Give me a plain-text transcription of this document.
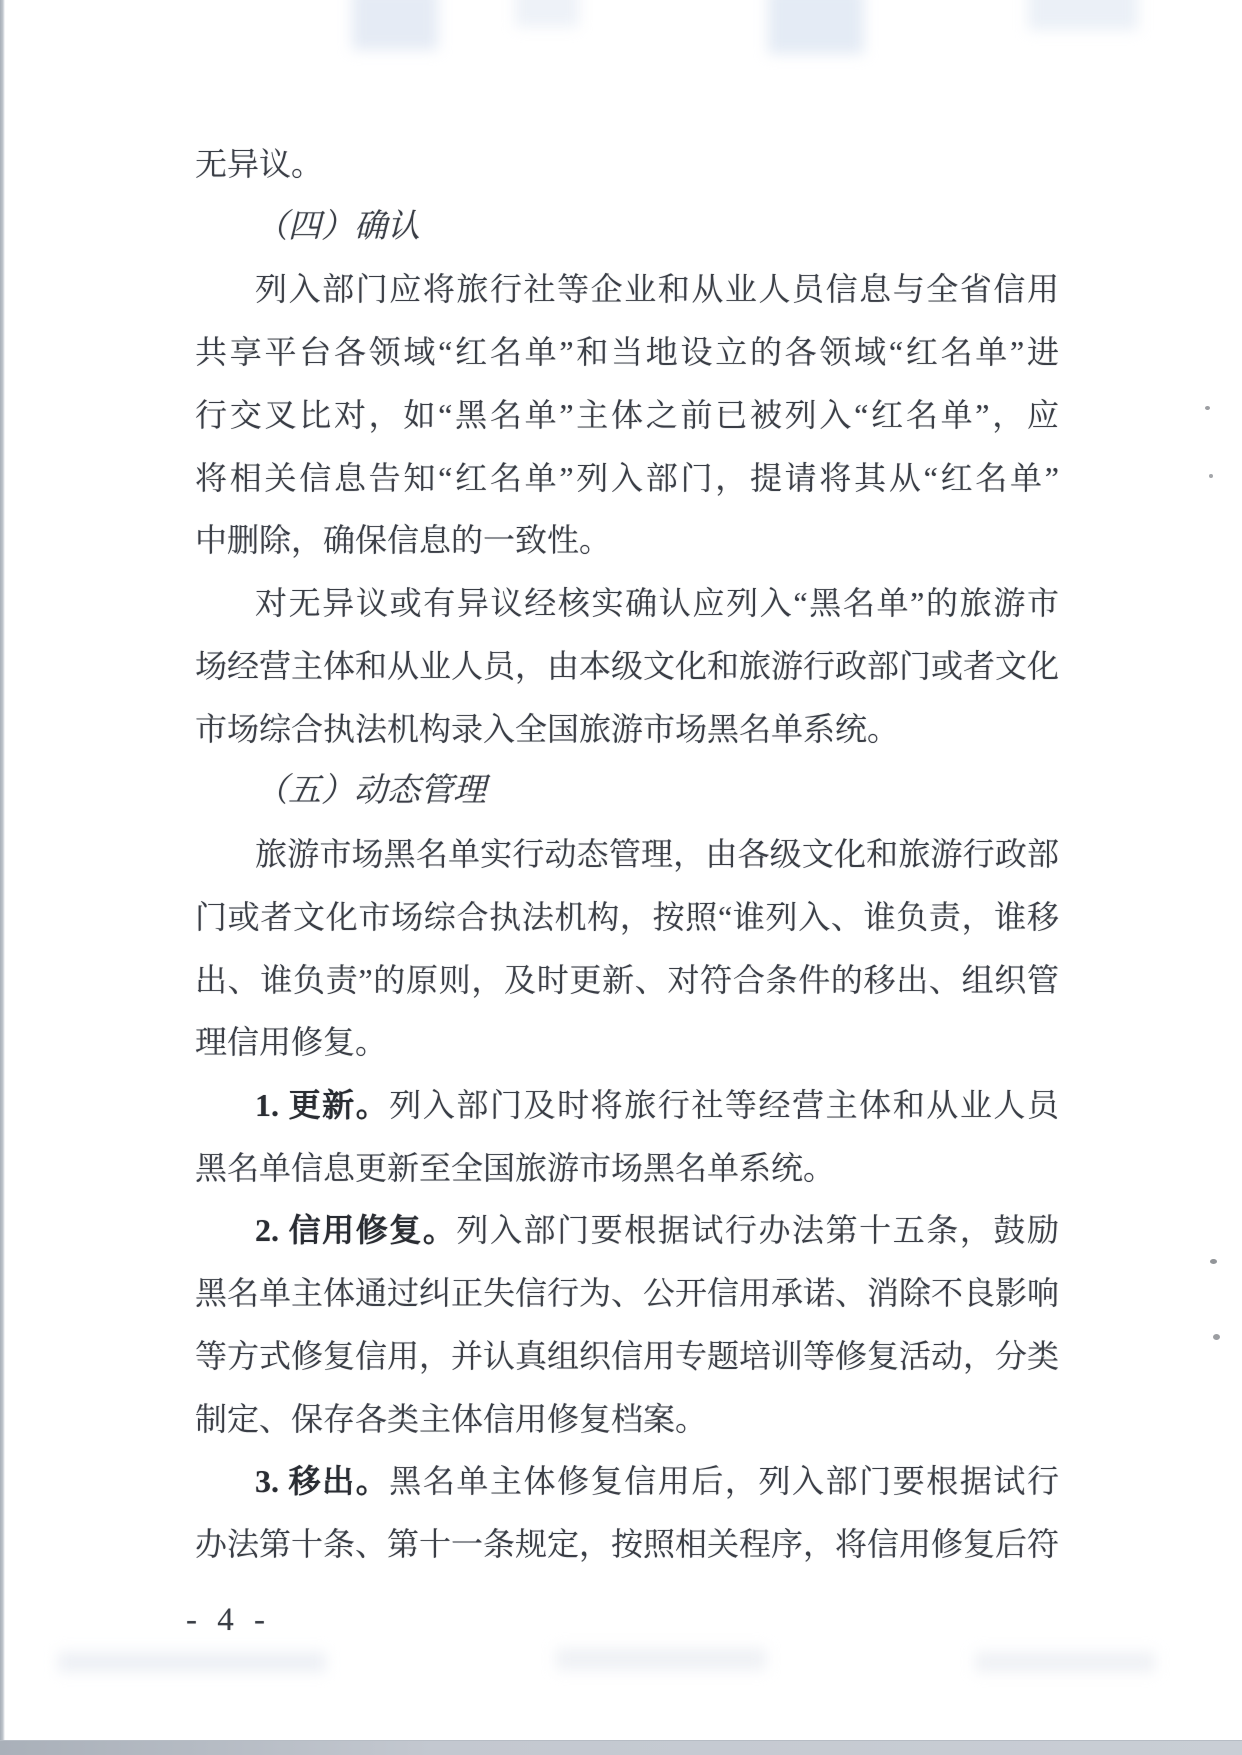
无异议。
（四）确认
列入部门应将旅行社等企业和从业人员信息与全省信用
共享平台各领域“红名单”和当地设立的各领域“红名单”进
行交叉比对，如“黑名单”主体之前已被列入“红名单”，应
将相关信息告知“红名单”列入部门，提请将其从“红名单”
中删除，确保信息的一致性。
对无异议或有异议经核实确认应列入“黑名单”的旅游市
场经营主体和从业人员，由本级文化和旅游行政部门或者文化
市场综合执法机构录入全国旅游市场黑名单系统。
（五）动态管理
旅游市场黑名单实行动态管理，由各级文化和旅游行政部
门或者文化市场综合执法机构，按照“谁列入、谁负责，谁移
出、谁负责”的原则，及时更新、对符合条件的移出、组织管
理信用修复。
1. 更新。列入部门及时将旅行社等经营主体和从业人员
黑名单信息更新至全国旅游市场黑名单系统。
2. 信用修复。列入部门要根据试行办法第十五条，鼓励
黑名单主体通过纠正失信行为、公开信用承诺、消除不良影响
等方式修复信用，并认真组织信用专题培训等修复活动，分类
制定、保存各类主体信用修复档案。
3. 移出。黑名单主体修复信用后，列入部门要根据试行
办法第十条、第十一条规定，按照相关程序，将信用修复后符
- 4 -
